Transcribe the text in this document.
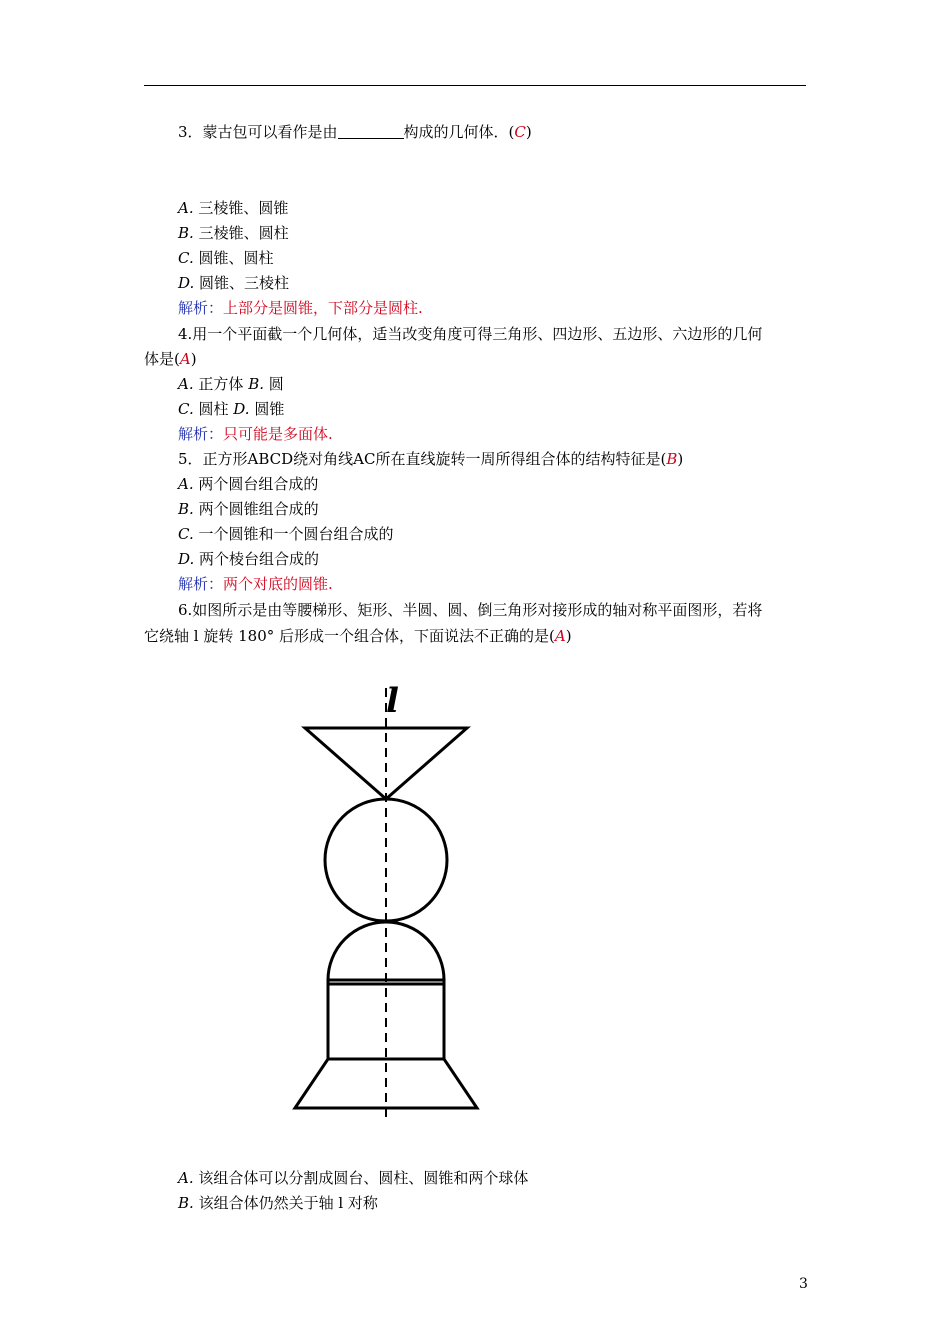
3．蒙古包可以看作是由	构成的几何体．(C)
A. 三棱锥、圆锥
B. 三棱锥、圆柱
C. 圆锥、圆柱
D. 圆锥、三棱柱
解析：上部分是圆锥，下部分是圆柱.
4.用一个平面截一个几何体，适当改变角度可得三角形、四边形、五边形、六边形的几何
体是(A)
A. 正方体 B. 圆
C. 圆柱 D. 圆锥
解析：只可能是多面体.
5．正方形ABCD绕对角线AC所在直线旋转一周所得组合体的结构特征是(B)
A. 两个圆台组合成的
B. 两个圆锥组合成的
C. 一个圆锥和一个圆台组合成的
D. 两个棱台组合成的
解析：两个对底的圆锥.
6.如图所示是由等腰梯形、矩形、半圆、圆、倒三角形对接形成的轴对称平面图形，若将
它绕轴 l 旋转 180° 后形成一个组合体，下面说法不正确的是(A)
l
A. 该组合体可以分割成圆台、圆柱、圆锥和两个球体
B. 该组合体仍然关于轴 l 对称
3
